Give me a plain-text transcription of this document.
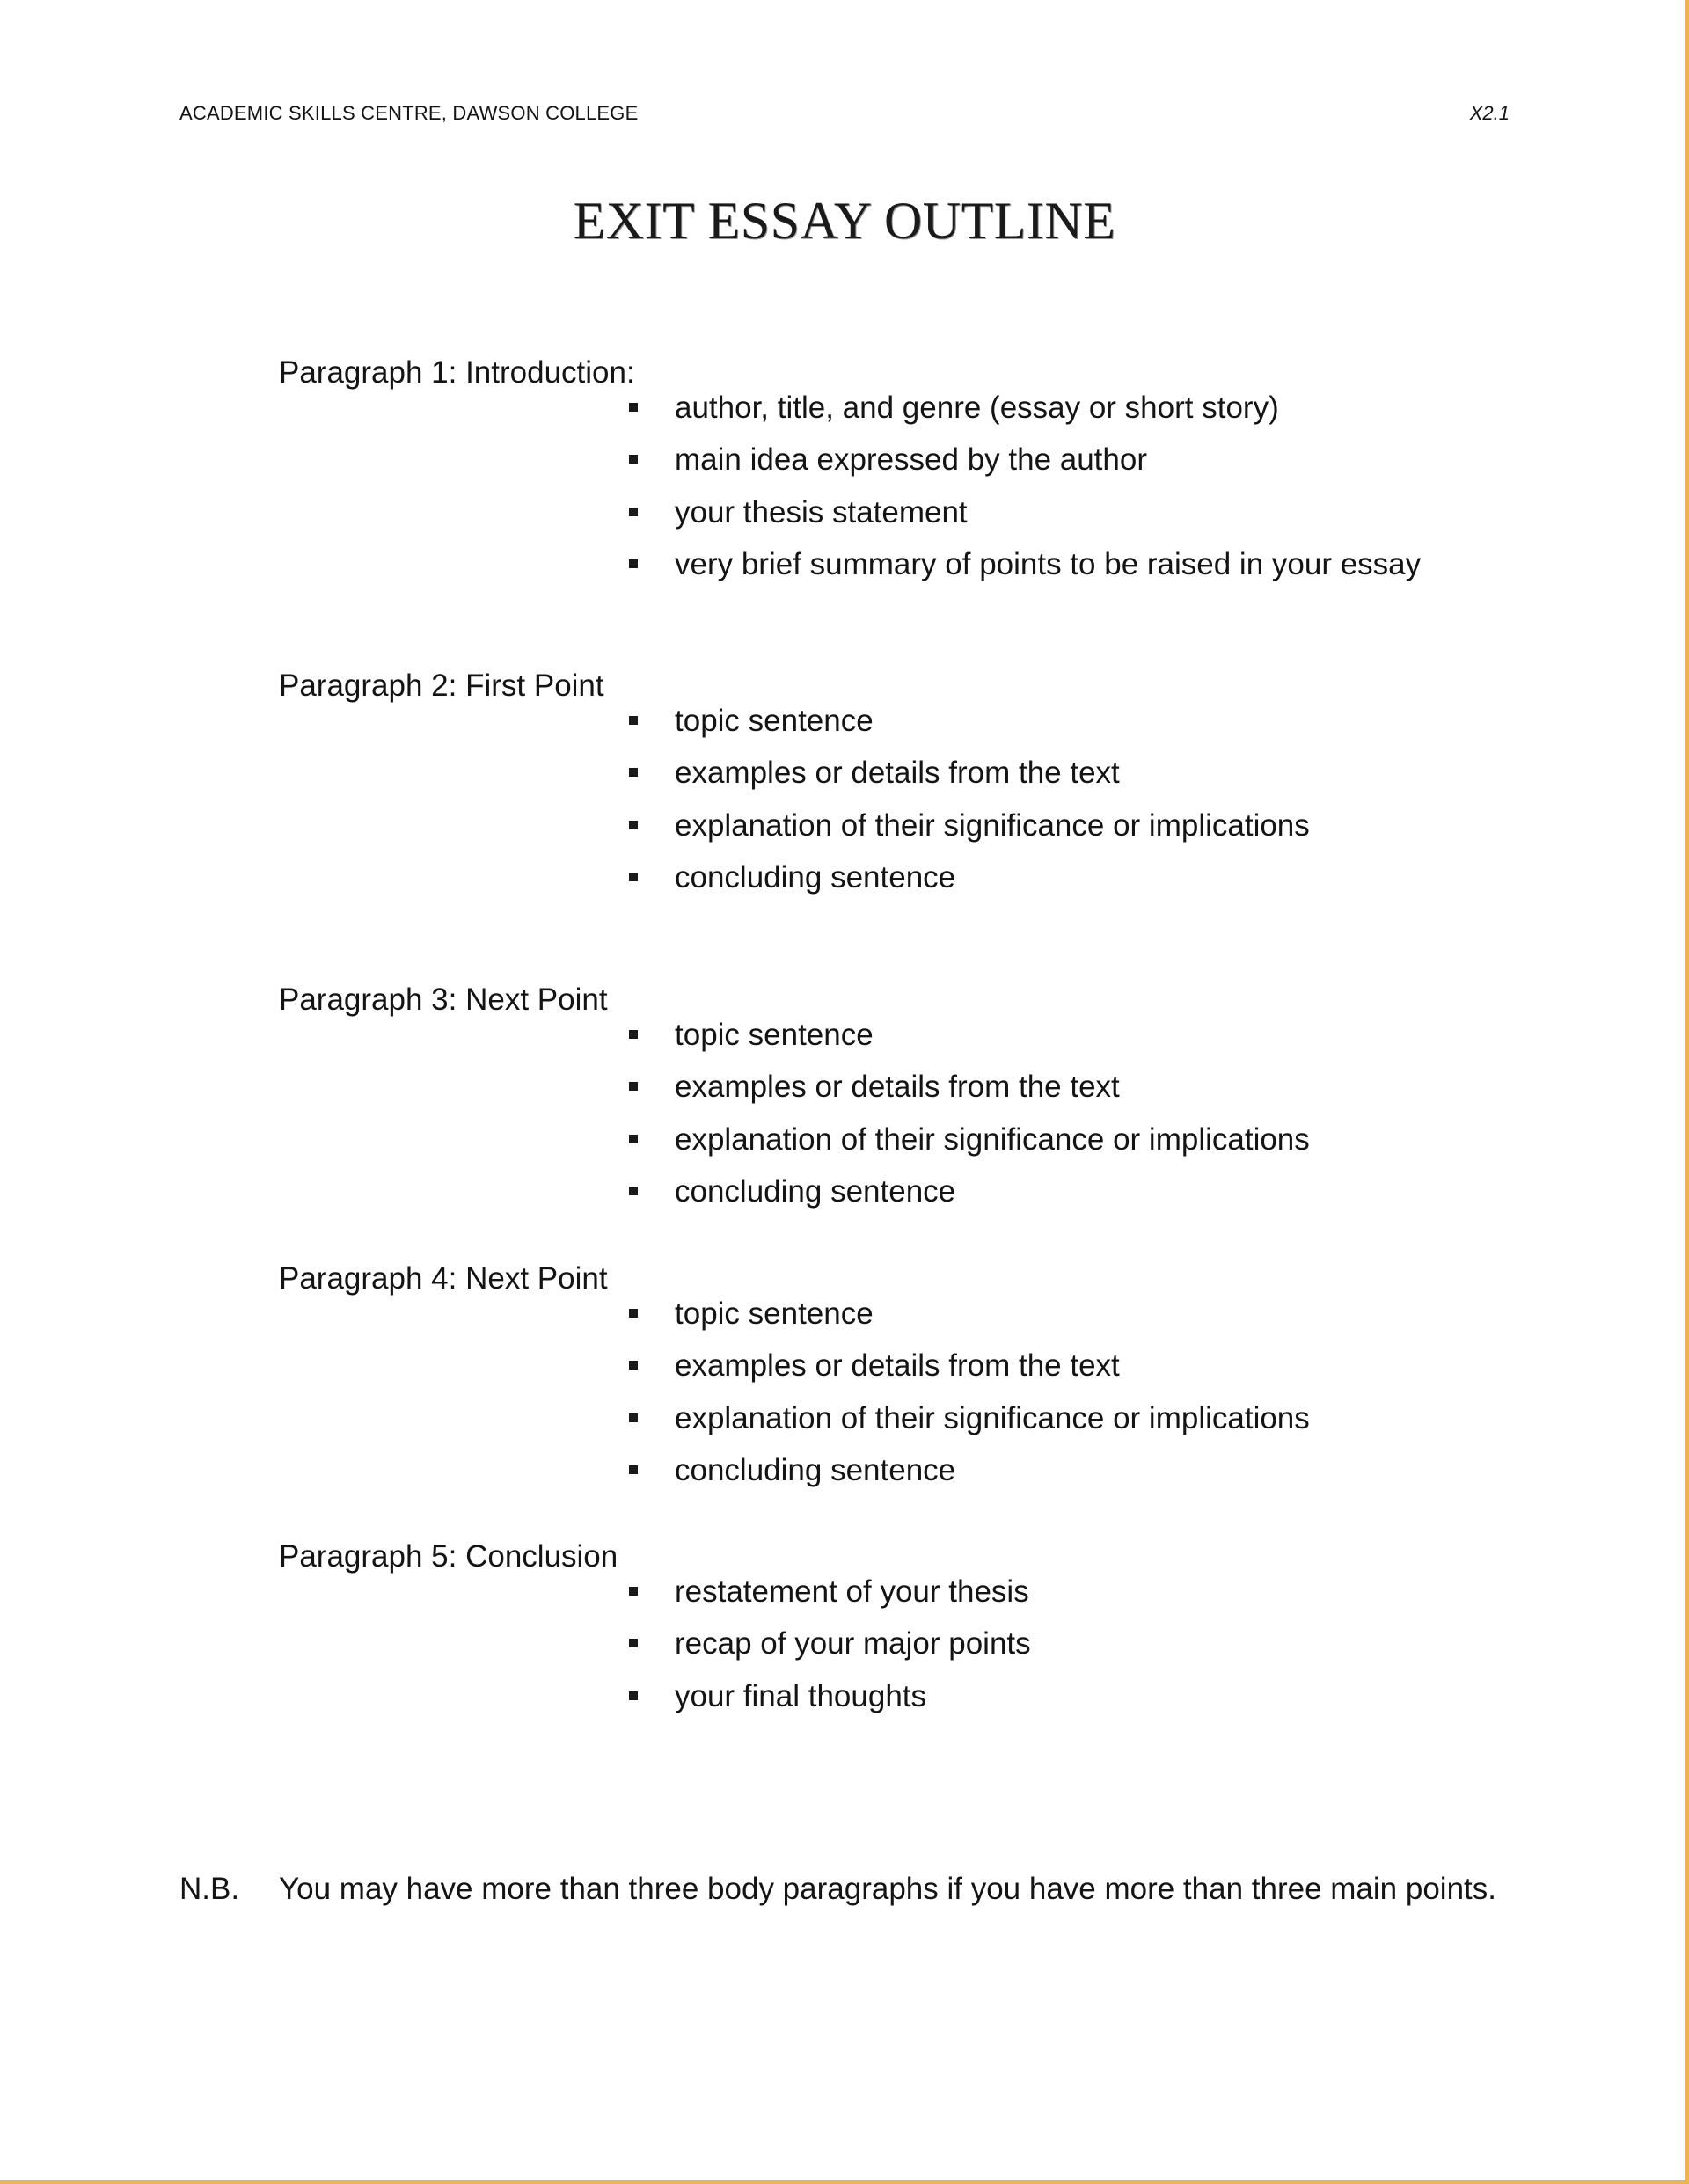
ACADEMIC SKILLS CENTRE, DAWSON COLLEGE	X2.1
EXIT ESSAY OUTLINE

Paragraph 1: Introduction:

author, title, and genre (essay or short story)
main idea expressed by the author
your thesis statement
very brief summary of points to be raised in your essay

Paragraph 2: First Point

topic sentence
examples or details from the text
explanation of their significance or implications
concluding sentence

Paragraph 3: Next Point

topic sentence
examples or details from the text
explanation of their significance or implications
concluding sentence

Paragraph 4: Next Point

topic sentence
examples or details from the text
explanation of their significance or implications
concluding sentence

Paragraph 5: Conclusion

restatement of your thesis
recap of your major points
your final thoughts
N.B. You may have more than three body paragraphs if you have more than three main points.
